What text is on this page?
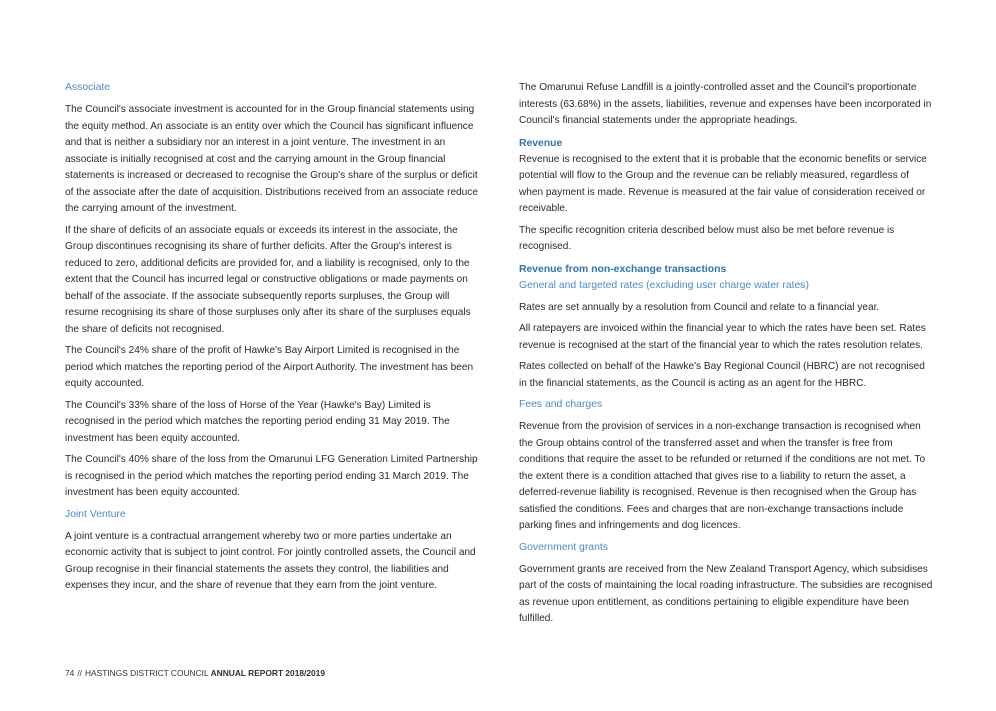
Associate

The Council's associate investment is accounted for in the Group financial statements using the equity method. An associate is an entity over which the Council has significant influence and that is neither a subsidiary nor an interest in a joint venture. The investment in an associate is initially recognised at cost and the carrying amount in the Group financial statements is increased or decreased to recognise the Group's share of the surplus or deficit of the associate after the date of acquisition. Distributions received from an associate reduce the carrying amount of the investment.

If the share of deficits of an associate equals or exceeds its interest in the associate, the Group discontinues recognising its share of further deficits. After the Group's interest is reduced to zero, additional deficits are provided for, and a liability is recognised, only to the extent that the Council has incurred legal or constructive obligations or made payments on behalf of the associate. If the associate subsequently reports surpluses, the Group will resume recognising its share of those surpluses only after its share of the surpluses equals the share of deficits not recognised.

The Council's 24% share of the profit of Hawke's Bay Airport Limited is recognised in the period which matches the reporting period of the Airport Authority. The investment has been equity accounted.

The Council's 33% share of the loss of Horse of the Year (Hawke's Bay) Limited is recognised in the period which matches the reporting period ending 31 May 2019. The investment has been equity accounted.

The Council's 40% share of the loss from the Omarunui LFG Generation Limited Partnership is recognised in the period which matches the reporting period ending 31 March 2019. The investment has been equity accounted.

Joint Venture

A joint venture is a contractual arrangement whereby two or more parties undertake an economic activity that is subject to joint control. For jointly controlled assets, the Council and Group recognise in their financial statements the assets they control, the liabilities and expenses they incur, and the share of revenue that they earn from the joint venture.

The Omarunui Refuse Landfill is a jointly-controlled asset and the Council's proportionate interests (63.68%) in the assets, liabilities, revenue and expenses have been incorporated in Council's financial statements under the appropriate headings.

Revenue

Revenue is recognised to the extent that it is probable that the economic benefits or service potential will flow to the Group and the revenue can be reliably measured, regardless of when payment is made. Revenue is measured at the fair value of consideration received or receivable.

The specific recognition criteria described below must also be met before revenue is recognised.

Revenue from non-exchange transactions
General and targeted rates (excluding user charge water rates)

Rates are set annually by a resolution from Council and relate to a financial year.

All ratepayers are invoiced within the financial year to which the rates have been set. Rates revenue is recognised at the start of the financial year to which the rates resolution relates.

Rates collected on behalf of the Hawke's Bay Regional Council (HBRC) are not recognised in the financial statements, as the Council is acting as an agent for the HBRC.

Fees and charges

Revenue from the provision of services in a non-exchange transaction is recognised when the Group obtains control of the transferred asset and when the transfer is free from conditions that require the asset to be refunded or returned if the conditions are not met. To the extent there is a condition attached that gives rise to a liability to return the asset, a deferred-revenue liability is recognised. Revenue is then recognised when the Group has satisfied the conditions. Fees and charges that are non-exchange transactions include parking fines and infringements and dog licences.

Government grants

Government grants are received from the New Zealand Transport Agency, which subsidises part of the costs of maintaining the local roading infrastructure. The subsidies are recognised as revenue upon entitlement, as conditions pertaining to eligible expenditure have been fulfilled.

74 // HASTINGS DISTRICT COUNCIL ANNUAL REPORT 2018/2019
